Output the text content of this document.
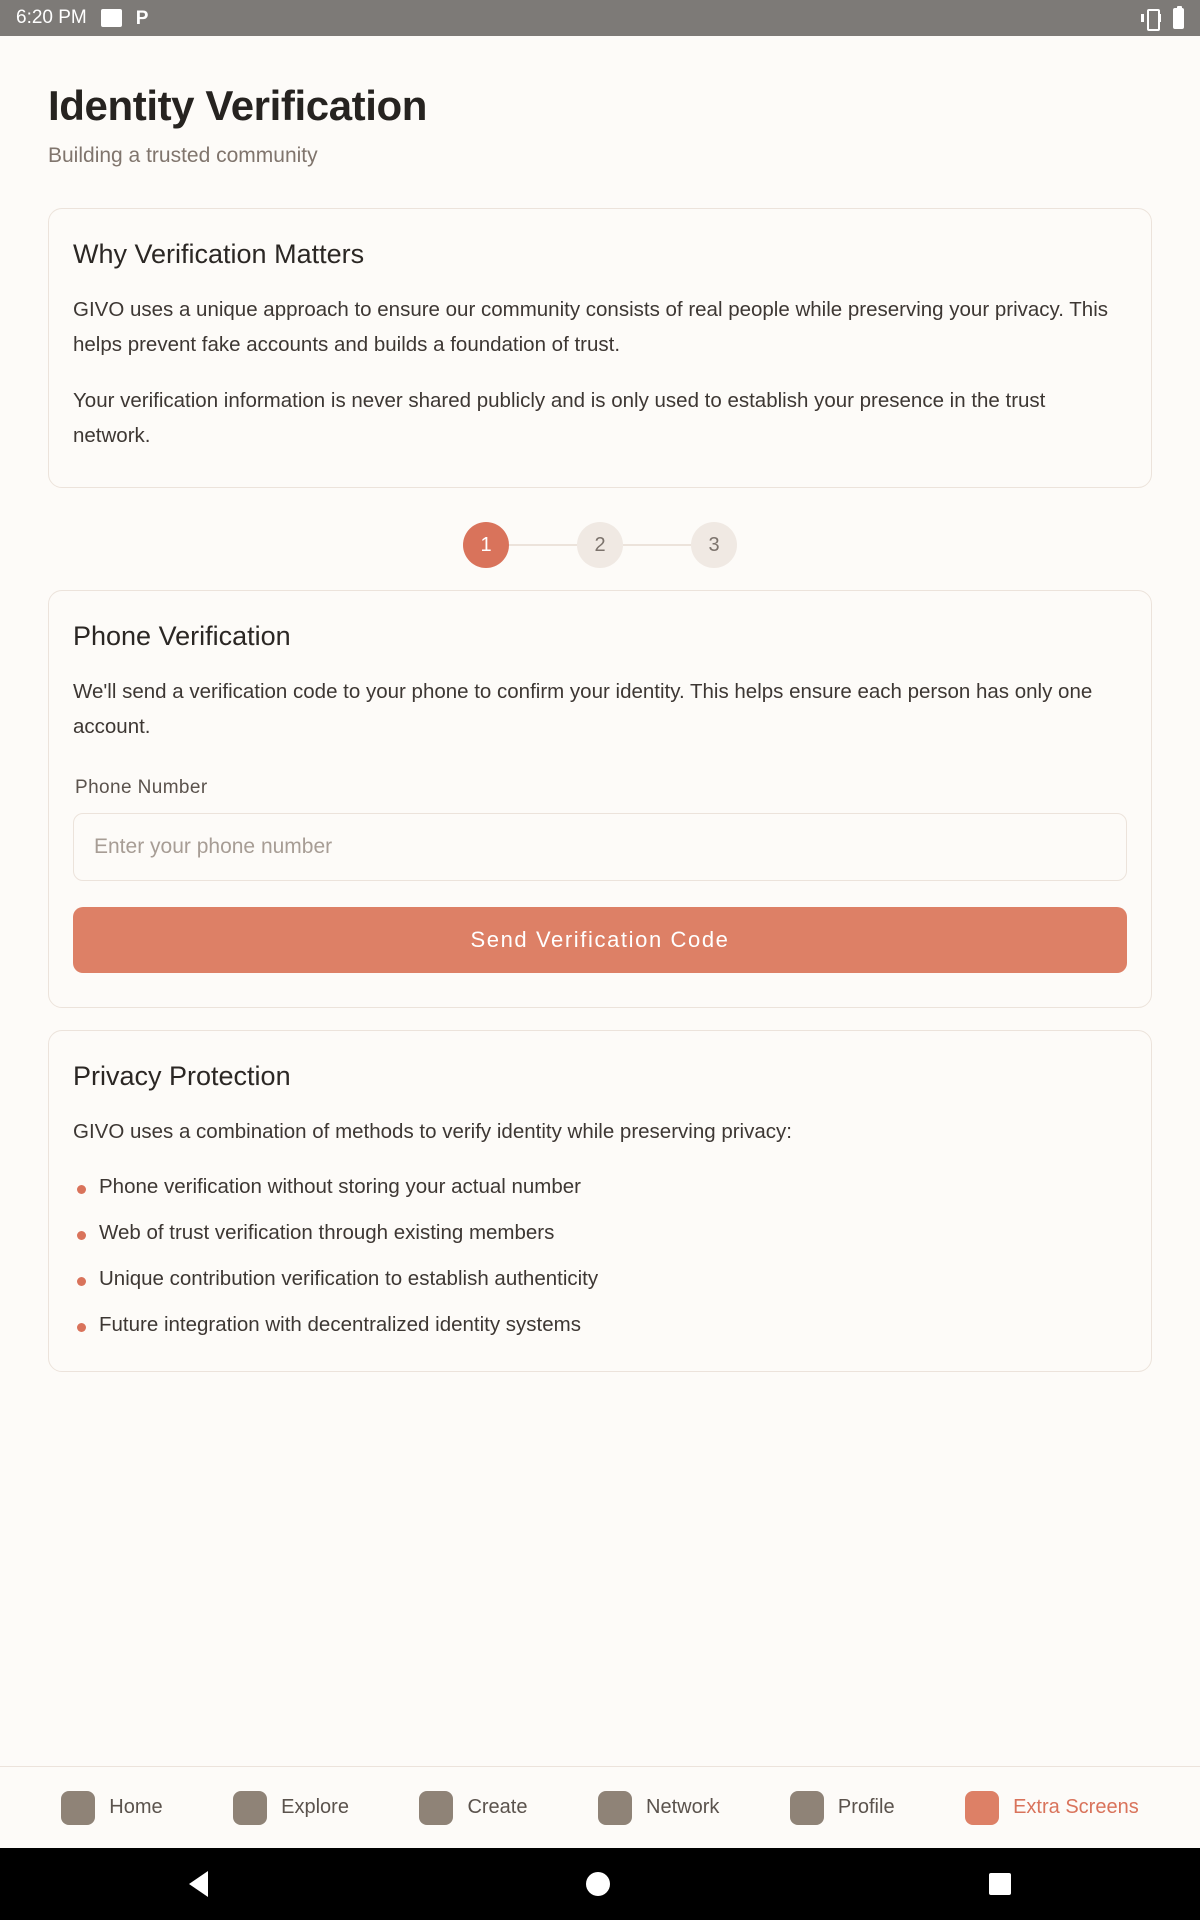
6:20 PM	P
Identity Verification
Building a trusted community
Why Verification Matters

GIVO uses a unique approach to ensure our community consists of real people while preserving your privacy. This helps prevent fake accounts and builds a foundation of trust.

Your verification information is never shared publicly and is only used to establish your presence in the trust network.

1	2	3
Phone Verification

We'll send a verification code to your phone to confirm your identity. This helps ensure each person has only one account.

Phone Number
Enter your phone number Send Verification Code
Privacy Protection

GIVO uses a combination of methods to verify identity while preserving privacy:

Phone verification without storing your actual number
Web of trust verification through existing members
Unique contribution verification to establish authenticity
Future integration with decentralized identity systems
Home	Explore	Create	Network	Profile	Extra Screens
